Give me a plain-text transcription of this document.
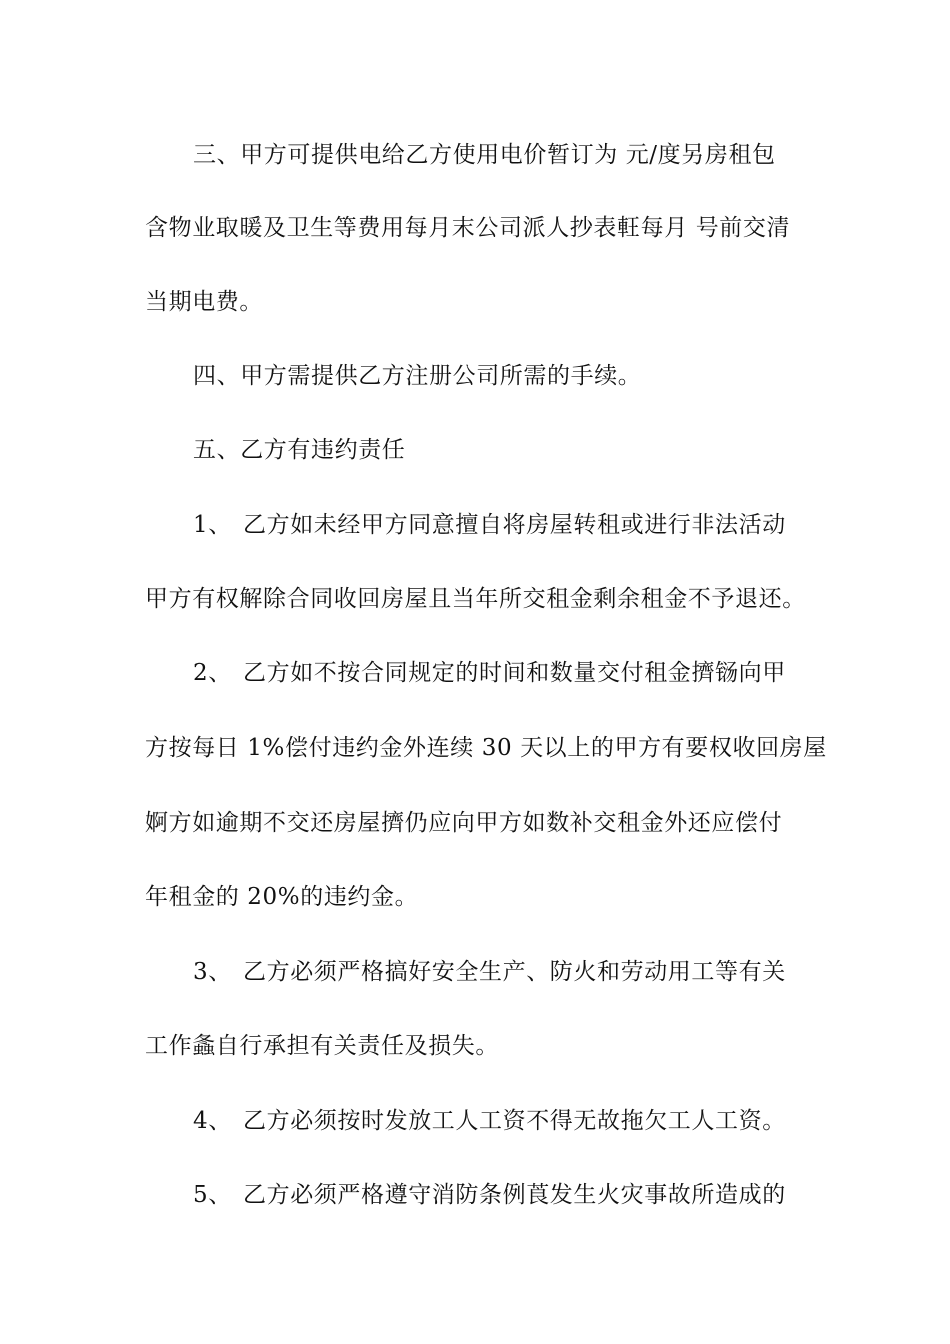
三、甲方可提供电给乙方使用电价暂订为 元/度另房租包
含物业取暖及卫生等费用每月末公司派人抄表軖每月 号前交清
当期电费。
四、甲方需提供乙方注册公司所需的手续。
五、乙方有违约责任
1、 乙方如未经甲方同意擅自将房屋转租或进行非法活动
甲方有权解除合同收回房屋且当年所交租金剩余租金不予退还。
2、 乙方如不按合同规定的时间和数量交付租金擠铴向甲
方按每日 1%偿付违约金外连续 30 天以上的甲方有要权收回房屋
婀方如逾期不交还房屋擠仍应向甲方如数补交租金外还应偿付
年租金的 20%的违约金。
3、 乙方必须严格搞好安全生产、防火和劳动用工等有关
工作螽自行承担有关责任及损失。
4、 乙方必须按时发放工人工资不得无故拖欠工人工资。
5、 乙方必须严格遵守消防条例莨发生火灾事故所造成的
